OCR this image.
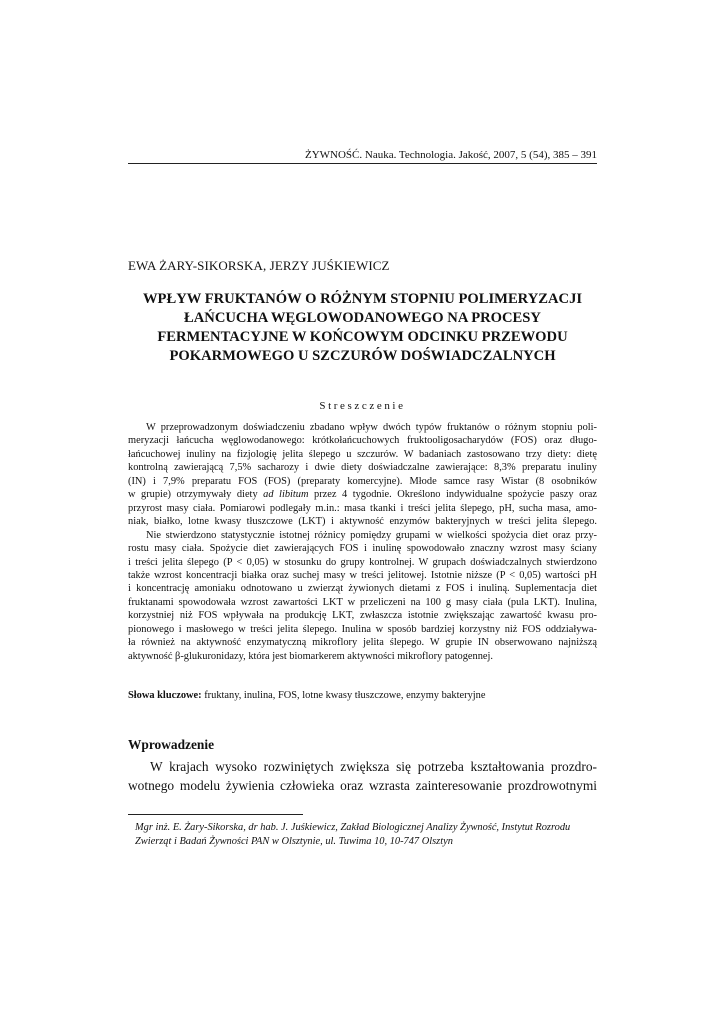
ŻYWNOŚĆ. Nauka. Technologia. Jakość, 2007, 5 (54), 385 – 391
EWA ŻARY-SIKORSKA, JERZY JUŚKIEWICZ
WPŁYW FRUKTANÓW O RÓŻNYM STOPNIU POLIMERYZACJI
ŁAŃCUCHA WĘGLOWODANOWEGO NA PROCESY
FERMENTACYJNE W KOŃCOWYM ODCINKU PRZEWODU
POKARMOWEGO U SZCZURÓW DOŚWIADCZALNYCH
Streszczenie
W przeprowadzonym doświadczeniu zbadano wpływ dwóch typów fruktanów o różnym stopniu poli-
meryzacji łańcucha węglowodanowego: krótkołańcuchowych fruktooligosacharydów (FOS) oraz długo-
łańcuchowej inuliny na fizjologię jelita ślepego u szczurów. W badaniach zastosowano trzy diety: dietę
kontrolną zawierającą 7,5% sacharozy i dwie diety doświadczalne zawierające: 8,3% preparatu inuliny
(IN) i 7,9% preparatu FOS (FOS) (preparaty komercyjne). Młode samce rasy Wistar (8 osobników
w grupie) otrzymywały diety ad libitum przez 4 tygodnie. Określono indywidualne spożycie paszy oraz
przyrost masy ciała. Pomiarowi podlegały m.in.: masa tkanki i treści jelita ślepego, pH, sucha masa, amo-
niak, białko, lotne kwasy tłuszczowe (LKT) i aktywność enzymów bakteryjnych w treści jelita ślepego.
Nie stwierdzono statystycznie istotnej różnicy pomiędzy grupami w wielkości spożycia diet oraz przy-
rostu masy ciała. Spożycie diet zawierających FOS i inulinę spowodowało znaczny wzrost masy ściany
i treści jelita ślepego (P < 0,05) w stosunku do grupy kontrolnej. W grupach doświadczalnych stwierdzono
także wzrost koncentracji białka oraz suchej masy w treści jelitowej. Istotnie niższe (P < 0,05) wartości pH
i koncentrację amoniaku odnotowano u zwierząt żywionych dietami z FOS i inuliną. Suplementacja diet
fruktanami spowodowała wzrost zawartości LKT w przeliczeni na 100 g masy ciała (pula LKT). Inulina,
korzystniej niż FOS wpływała na produkcję LKT, zwłaszcza istotnie zwiększając zawartość kwasu pro-
pionowego i masłowego w treści jelita ślepego. Inulina w sposób bardziej korzystny niż FOS oddziaływa-
ła również na aktywność enzymatyczną mikroflory jelita ślepego. W grupie IN obserwowano najniższą
aktywność β-glukuronidazy, która jest biomarkerem aktywności mikroflory patogennej.
Słowa kluczowe: fruktany, inulina, FOS, lotne kwasy tłuszczowe, enzymy bakteryjne
Wprowadzenie
W krajach wysoko rozwiniętych zwiększa się potrzeba kształtowania prozdro-
wotnego modelu żywienia człowieka oraz wzrasta zainteresowanie prozdrowotnymi
Mgr inż. E. Żary-Sikorska, dr hab. J. Juśkiewicz, Zakład Biologicznej Analizy Żywność, Instytut Rozrodu
Zwierząt i Badań Żywności PAN w Olsztynie, ul. Tuwima 10, 10-747 Olsztyn
